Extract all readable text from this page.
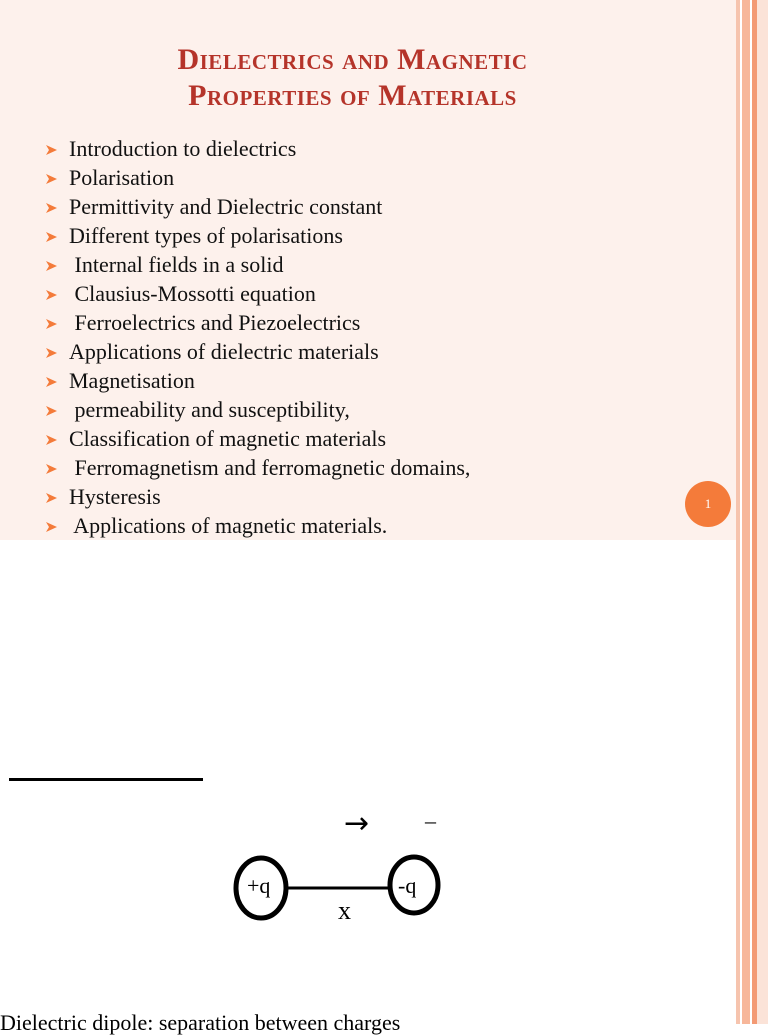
Dielectrics and Magnetic
Properties of Materials
Introduction to dielectrics
Polarisation
Permittivity and Dielectric constant
Different types of polarisations
Internal fields in a solid
Clausius-Mossotti equation
Ferroelectrics and Piezoelectrics
Applications of dielectric materials
Magnetisation
permeability and susceptibility,
Classification of magnetic materials
Ferromagnetism and ferromagnetic domains,
Hysteresis
Applications of magnetic materials.
1
→	–
+q	-q
x
Dielectric dipole: separation between charges
